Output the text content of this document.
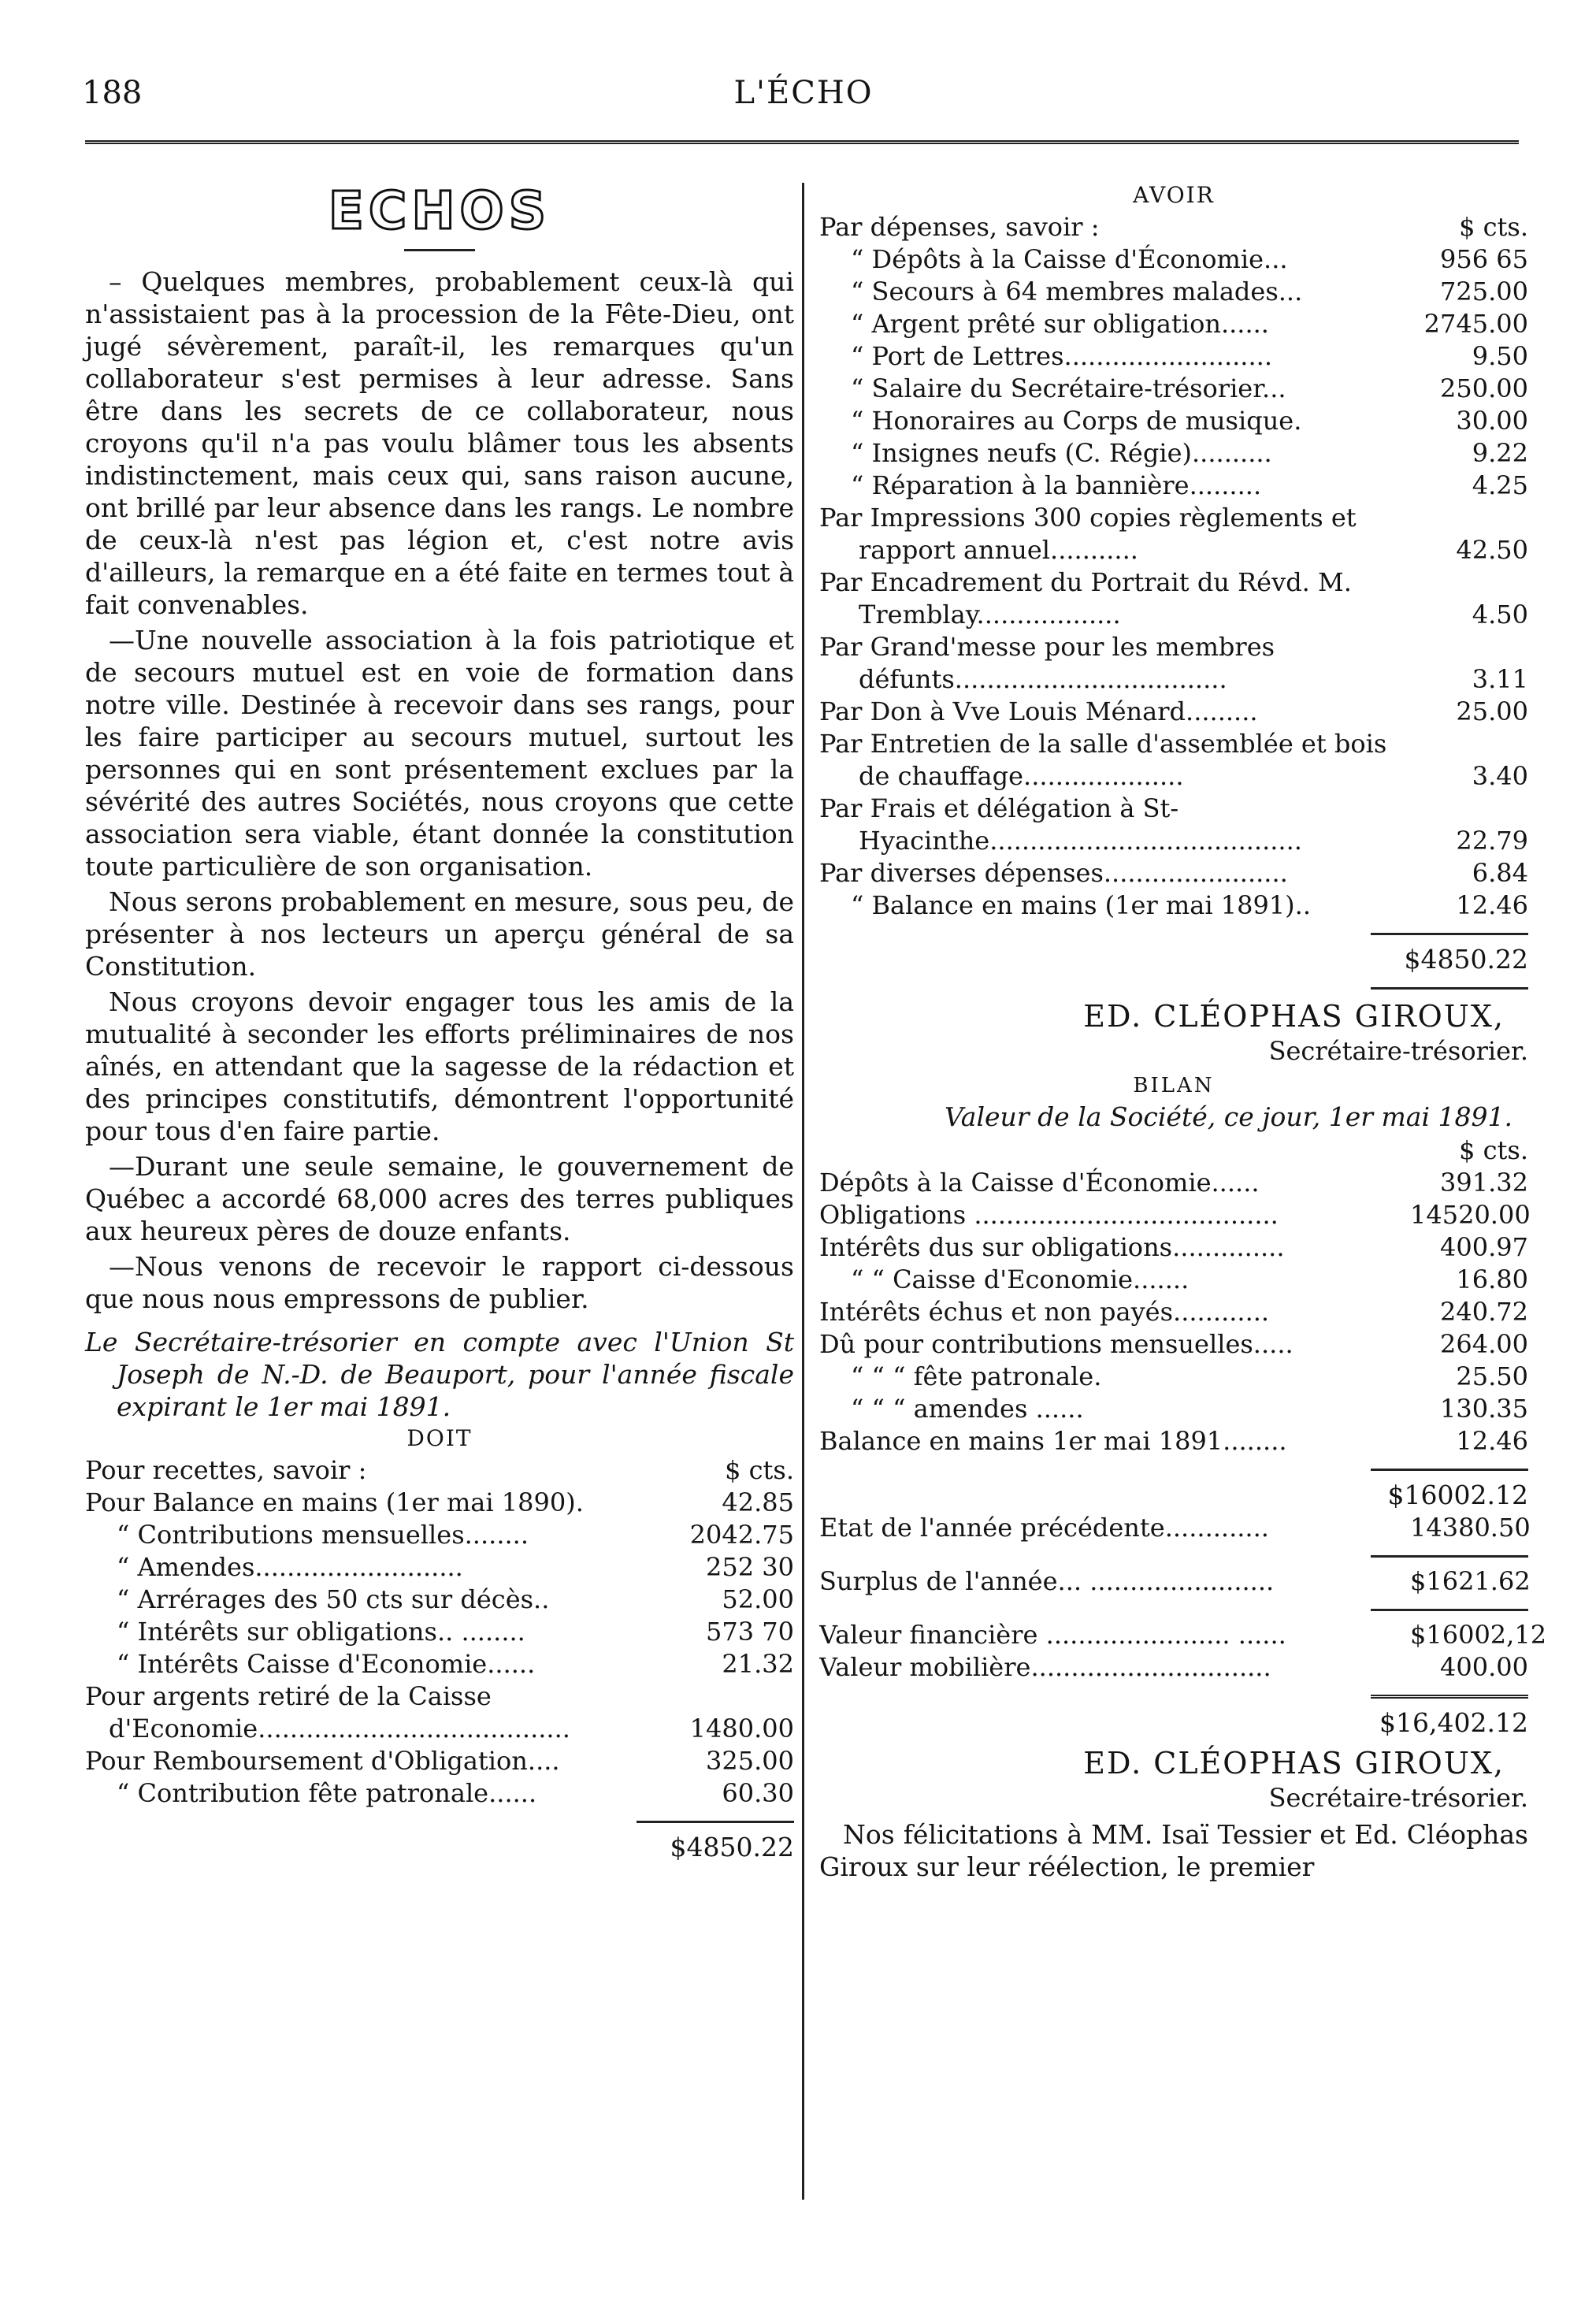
188	L'ÉCHO
ECHOS

– Quelques membres, probablement ceux-là qui n'assistaient pas à la procession de la Fête-Dieu, ont jugé sévèrement, paraît-il, les remarques qu'un collaborateur s'est permises à leur adresse. Sans être dans les secrets de ce collaborateur, nous croyons qu'il n'a pas voulu blâmer tous les absents indistinctement, mais ceux qui, sans raison aucune, ont brillé par leur absence dans les rangs. Le nombre de ceux-là n'est pas légion et, c'est notre avis d'ailleurs, la remarque en a été faite en termes tout à fait convenables.

—Une nouvelle association à la fois patriotique et de secours mutuel est en voie de formation dans notre ville. Destinée à recevoir dans ses rangs, pour les faire participer au secours mutuel, surtout les personnes qui en sont présentement exclues par la sévérité des autres Sociétés, nous croyons que cette association sera viable, étant donnée la constitution toute particulière de son organisation.

Nous serons probablement en mesure, sous peu, de présenter à nos lecteurs un aperçu général de sa Constitution.

Nous croyons devoir engager tous les amis de la mutualité à seconder les efforts préliminaires de nos aînés, en attendant que la sagesse de la rédaction et des principes constitutifs, démontrent l'opportunité pour tous d'en faire partie.

—Durant une seule semaine, le gouvernement de Québec a accordé 68,000 acres des terres publiques aux heureux pères de douze enfants.

—Nous venons de recevoir le rapport ci-dessous que nous nous empressons de publier.

Le Secrétaire-trésorier en compte avec l'Union St Joseph de N.-D. de Beauport, pour l'année fiscale expirant le 1er mai 1891.

DOIT
Pour recettes, savoir :	$ cts.
Pour Balance en mains (1er mai 1890).	42.85
“ Contributions mensuelles........	2042.75
“ Amendes..........................	252 30
“ Arrérages des 50 cts sur décès..	52.00
“ Intérêts sur obligations.. ........	573 70
“ Intérêts Caisse d'Economie......	21.32
Pour argents retiré de la Caisse d'Economie.......................................	1480.00
Pour Remboursement d'Obligation....	325.00
“ Contribution fête patronale......	60.30
$4850.22
AVOIR
Par dépenses, savoir :	$ cts.
“ Dépôts à la Caisse d'Économie...	956 65
“ Secours à 64 membres malades...	725.00
“ Argent prêté sur obligation......	2745.00
“ Port de Lettres..........................	9.50
“ Salaire du Secrétaire-trésorier...	250.00
“ Honoraires au Corps de musique.	30.00
“ Insignes neufs (C. Régie)..........	9.22
“ Réparation à la bannière.........	4.25
Par Impressions 300 copies règlements et rapport annuel...........	42.50
Par Encadrement du Portrait du Révd. M. Tremblay..................	4.50
Par Grand'messe pour les membres défunts..................................	3.11
Par Don à Vve Louis Ménard.........	25.00
Par Entretien de la salle d'assemblée et bois de chauffage....................	3.40
Par Frais et délégation à St-Hyacinthe.......................................	22.79
Par diverses dépenses.......................	6.84
“ Balance en mains (1er mai 1891)..	12.46
$4850.22
ED. CLÉOPHAS GIROUX,
Secrétaire-trésorier.
BILAN
Valeur de la Société, ce jour, 1er mai 1891.
$ cts.
Dépôts à la Caisse d'Économie......	391.32
Obligations ......................................	14520.00
Intérêts dus sur obligations..............	400.97
“ “ Caisse d'Economie.......	16.80
Intérêts échus et non payés............	240.72
Dû pour contributions mensuelles.....	264.00
“ “ “ fête patronale.	25.50
“ “ “ amendes ......	130.35
Balance en mains 1er mai 1891........	12.46
$16002.12
Etat de l'année précédente.............	14380.50
Surplus de l'année... .......................	$1621.62
Valeur financière ....................... ......	$16002,12
Valeur mobilière..............................	400.00
$16,402.12
ED. CLÉOPHAS GIROUX,
Secrétaire-trésorier.
Nos félicitations à MM. Isaï Tessier et Ed. Cléophas Giroux sur leur réélection, le premier
